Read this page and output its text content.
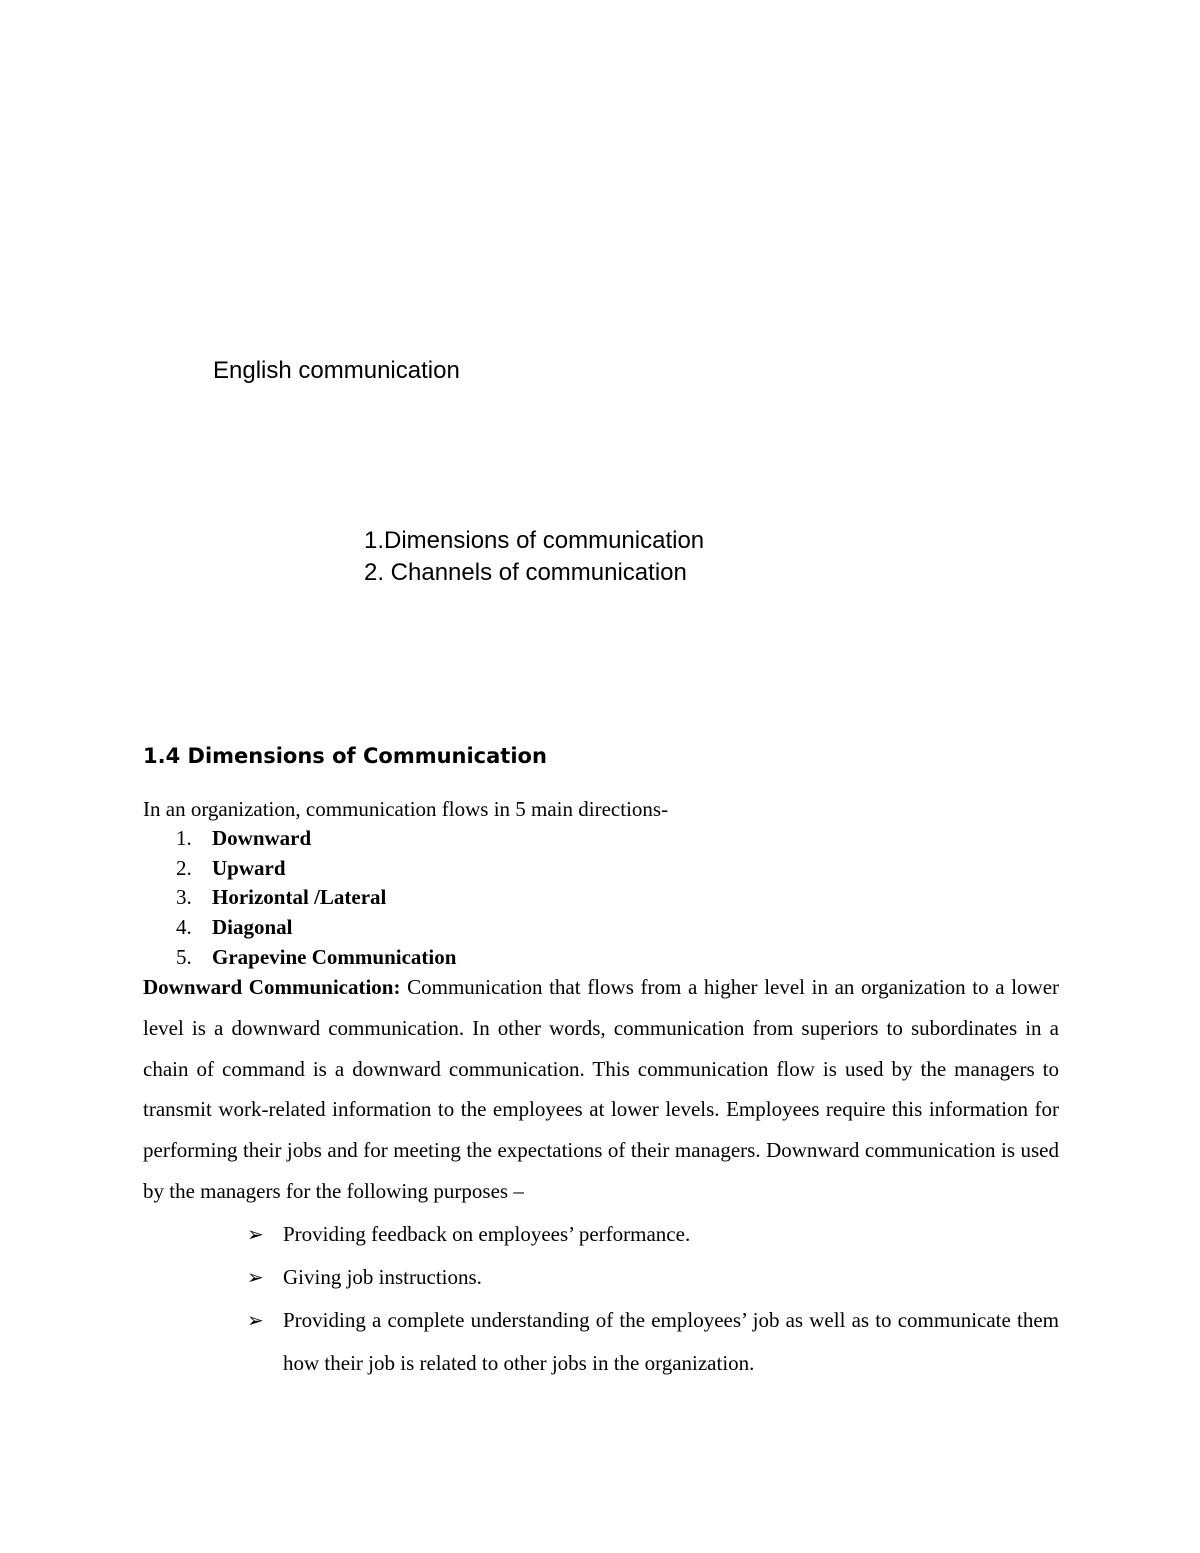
English communication
1.Dimensions of communication
2. Channels of communication
1.4 Dimensions of Communication

In an organization, communication flows in 5 main directions-

1. Downward
2. Upward
3. Horizontal /Lateral
4. Diagonal
5. Grapevine Communication

Downward Communication: Communication that flows from a higher level in an organization to a lower level is a downward communication. In other words, communication from superiors to subordinates in a chain of command is a downward communication. This communication flow is used by the managers to transmit work-related information to the employees at lower levels. Employees require this information for performing their jobs and for meeting the expectations of their managers. Downward communication is used by the managers for the following purposes –

➢ Providing feedback on employees’ performance.
➢ Giving job instructions.
➢ Providing a complete understanding of the employees’ job as well as to communicate them how their job is related to other jobs in the organization.
